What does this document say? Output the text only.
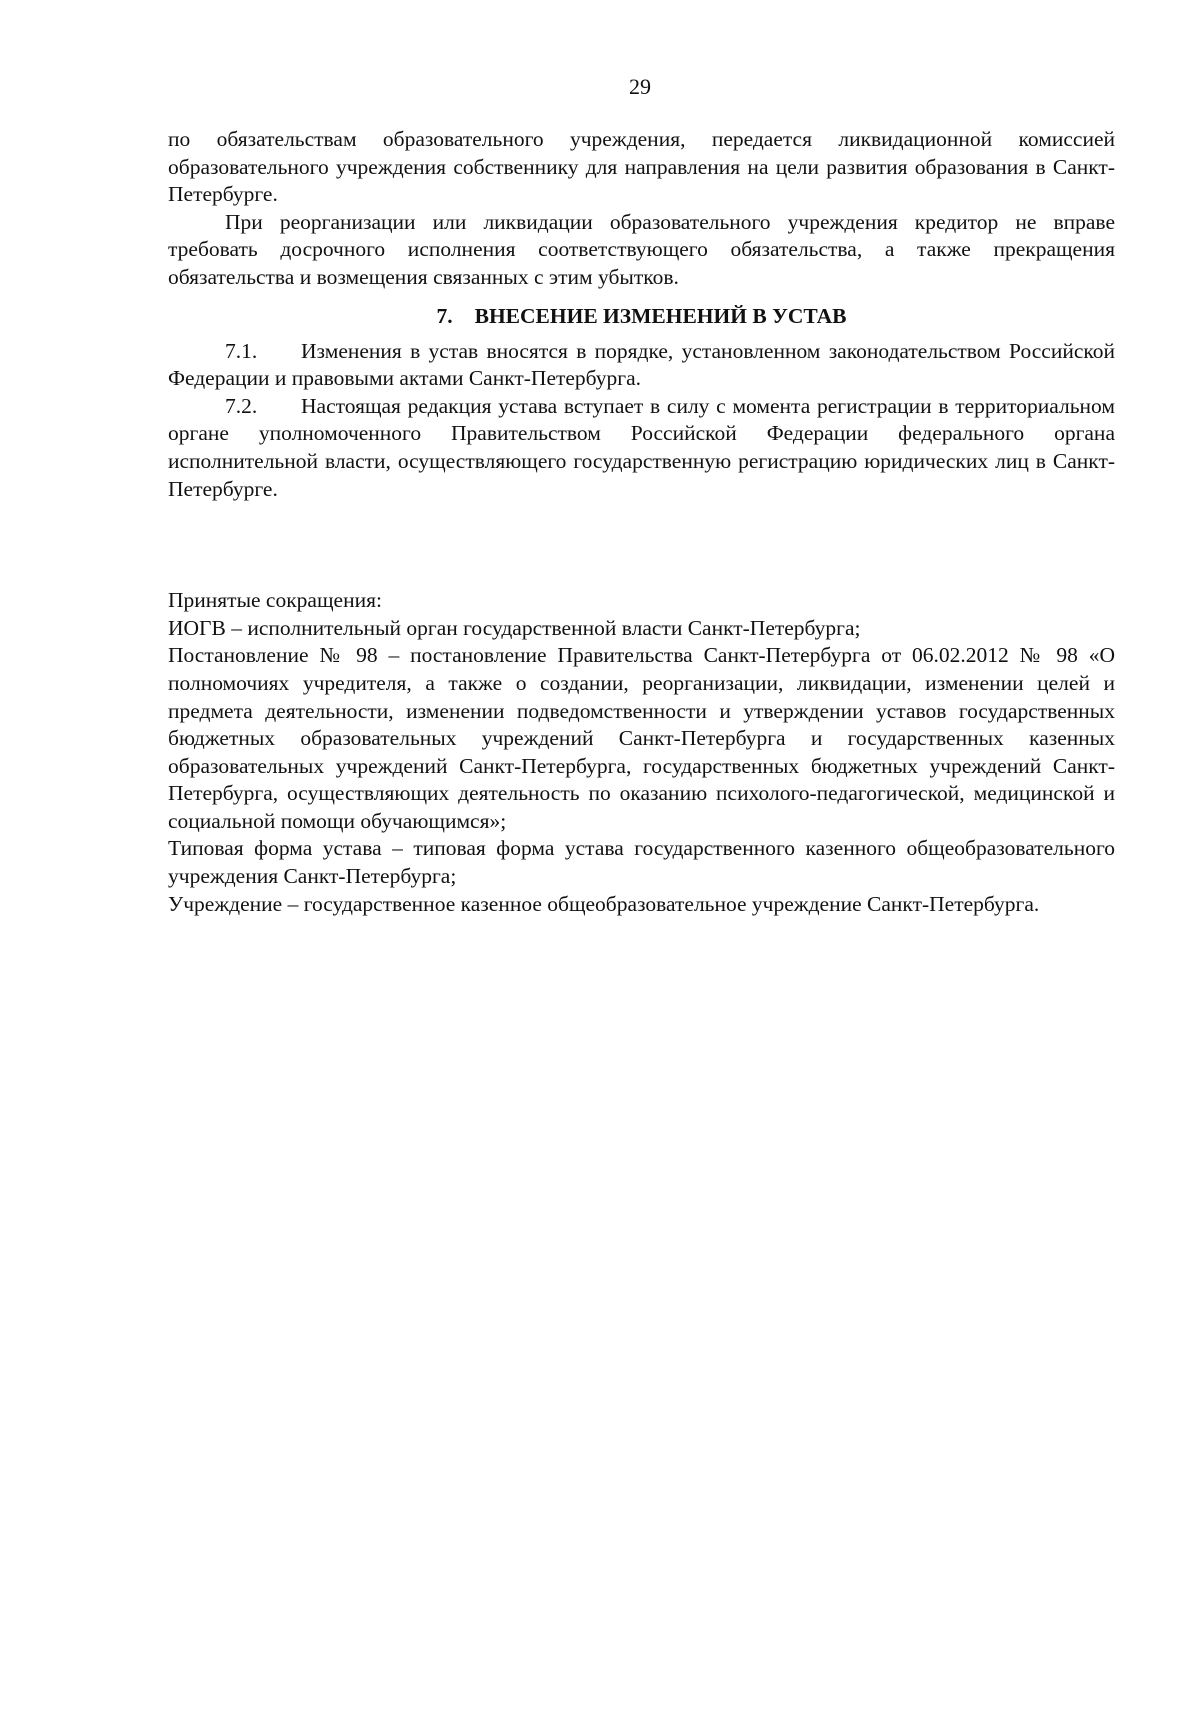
29

по обязательствам образовательного учреждения, передается ликвидационной комиссией образовательного учреждения собственнику для направления на цели развития образования в Санкт-Петербурге.

При реорганизации или ликвидации образовательного учреждения кредитор не вправе требовать досрочного исполнения соответствующего обязательства, а также прекращения обязательства и возмещения связанных с этим убытков.

7. ВНЕСЕНИЕ ИЗМЕНЕНИЙ В УСТАВ

7.1. Изменения в устав вносятся в порядке, установленном законодательством Российской Федерации и правовыми актами Санкт-Петербурга.

7.2. Настоящая редакция устава вступает в силу с момента регистрации в территориальном органе уполномоченного Правительством Российской Федерации федерального органа исполнительной власти, осуществляющего государственную регистрацию юридических лиц в Санкт-Петербурге.

Принятые сокращения:

ИОГВ – исполнительный орган государственной власти Санкт-Петербурга;

Постановление № 98 – постановление Правительства Санкт-Петербурга от 06.02.2012 № 98 «О полномочиях учредителя, а также о создании, реорганизации, ликвидации, изменении целей и предмета деятельности, изменении подведомственности и утверждении уставов государственных бюджетных образовательных учреждений Санкт-Петербурга и государственных казенных образовательных учреждений Санкт-Петербурга, государственных бюджетных учреждений Санкт-Петербурга, осуществляющих деятельность по оказанию психолого-педагогической, медицинской и социальной помощи обучающимся»;

Типовая форма устава – типовая форма устава государственного казенного общеобразовательного учреждения Санкт-Петербурга;

Учреждение – государственное казенное общеобразовательное учреждение Санкт-Петербурга.
